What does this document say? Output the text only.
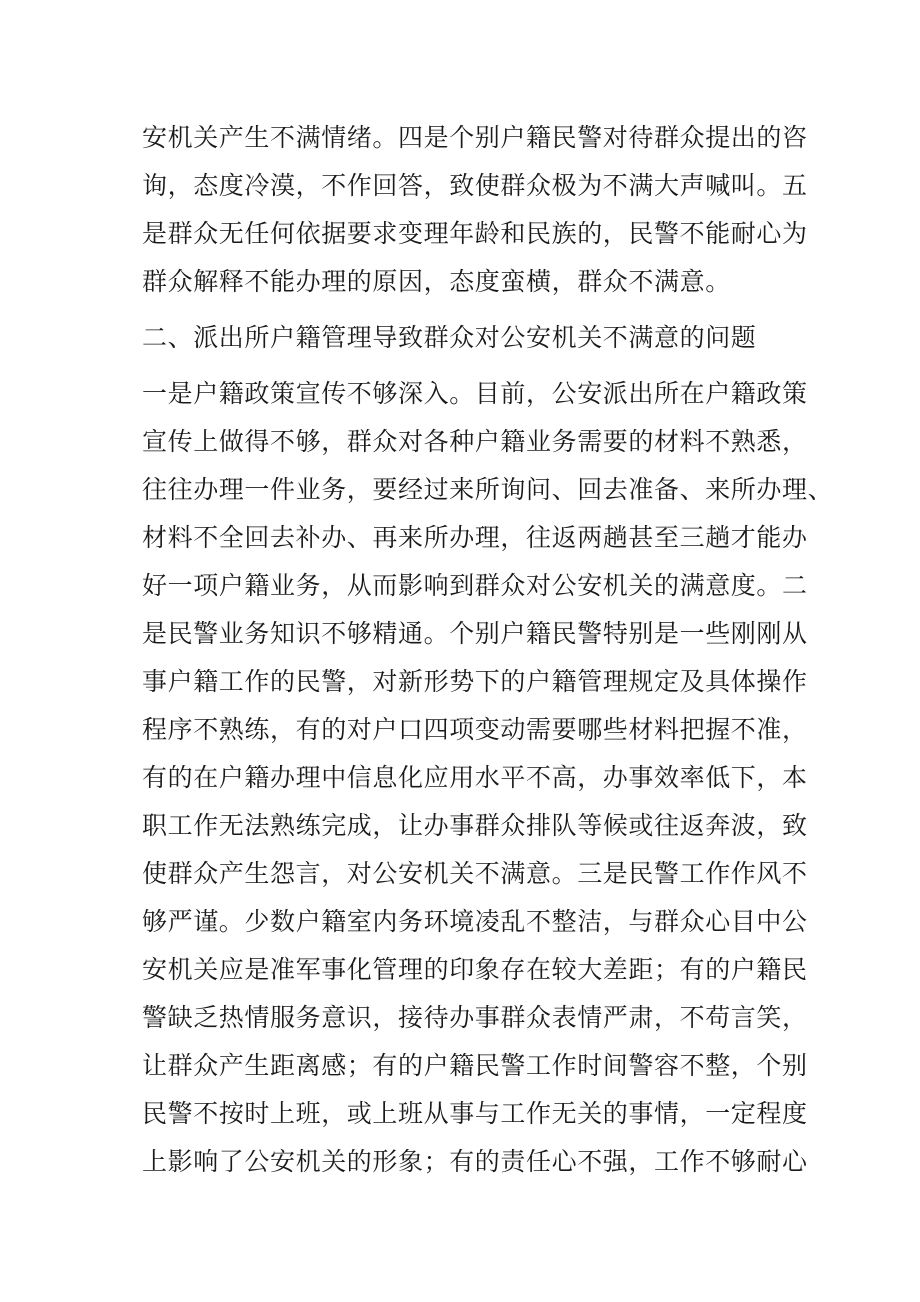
安机关产生不满情绪。四是个别户籍民警对待群众提出的咨
询，态度冷漠，不作回答，致使群众极为不满大声喊叫。五
是群众无任何依据要求变理年龄和民族的，民警不能耐心为
群众解释不能办理的原因，态度蛮横，群众不满意。
二、派出所户籍管理导致群众对公安机关不满意的问题
一是户籍政策宣传不够深入。目前，公安派出所在户籍政策
宣传上做得不够，群众对各种户籍业务需要的材料不熟悉，
往往办理一件业务，要经过来所询问、回去准备、来所办理、
材料不全回去补办、再来所办理，往返两趟甚至三趟才能办
好一项户籍业务，从而影响到群众对公安机关的满意度。二
是民警业务知识不够精通。个别户籍民警特别是一些刚刚从
事户籍工作的民警，对新形势下的户籍管理规定及具体操作
程序不熟练，有的对户口四项变动需要哪些材料把握不准，
有的在户籍办理中信息化应用水平不高，办事效率低下，本
职工作无法熟练完成，让办事群众排队等候或往返奔波，致
使群众产生怨言，对公安机关不满意。三是民警工作作风不
够严谨。少数户籍室内务环境凌乱不整洁，与群众心目中公
安机关应是准军事化管理的印象存在较大差距；有的户籍民
警缺乏热情服务意识，接待办事群众表情严肃，不苟言笑，
让群众产生距离感；有的户籍民警工作时间警容不整，个别
民警不按时上班，或上班从事与工作无关的事情，一定程度
上影响了公安机关的形象；有的责任心不强，工作不够耐心
